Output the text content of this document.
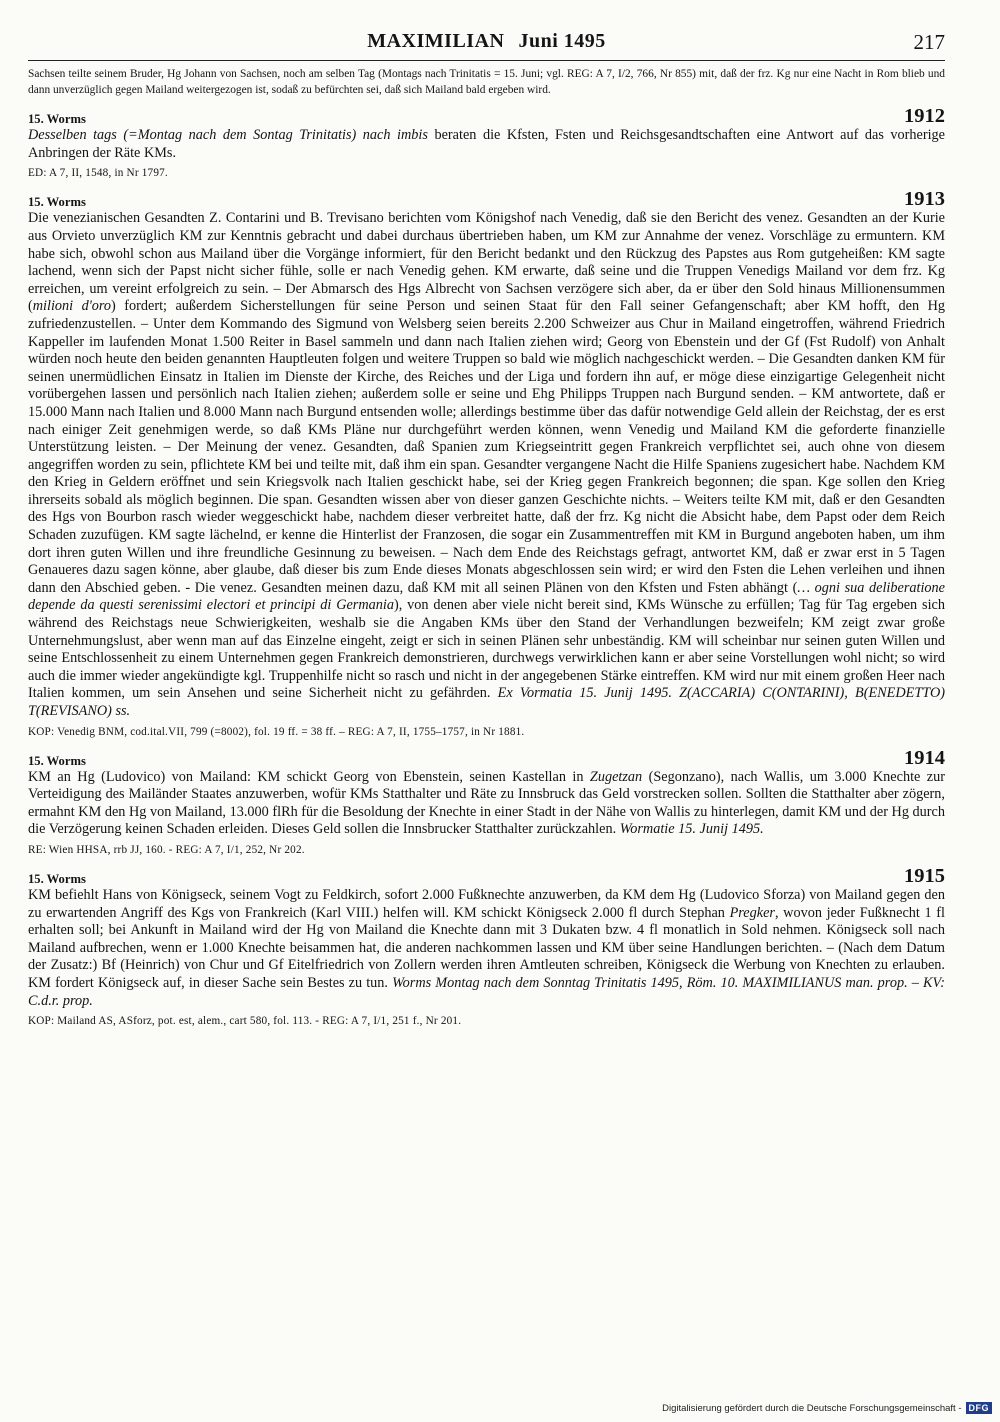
MAXIMILIAN Juni 1495	217
Sachsen teilte seinem Bruder, Hg Johann von Sachsen, noch am selben Tag (Montags nach Trinitatis = 15. Juni; vgl. REG: A 7, I/2, 766, Nr 855) mit, daß der frz. Kg nur eine Nacht in Rom blieb und dann unverzüglich gegen Mailand weitergezogen ist, sodaß zu befürchten sei, daß sich Mailand bald ergeben wird.
15. Worms	1912
Desselben tags (=Montag nach dem Sontag Trinitatis) nach imbis beraten die Kfsten, Fsten und Reichsgesandtschaften eine Antwort auf das vorherige Anbringen der Räte KMs.
ED: A 7, II, 1548, in Nr 1797.
15. Worms	1913
Die venezianischen Gesandten Z. Contarini und B. Trevisano berichten vom Königshof nach Venedig, daß sie den Bericht des venez. Gesandten an der Kurie aus Orvieto unverzüglich KM zur Kenntnis gebracht und dabei durchaus übertrieben haben, um KM zur Annahme der venez. Vorschläge zu ermuntern. KM habe sich, obwohl schon aus Mailand über die Vorgänge informiert, für den Bericht bedankt und den Rückzug des Papstes aus Rom gutgeheißen: KM sagte lachend, wenn sich der Papst nicht sicher fühle, solle er nach Venedig gehen. KM erwarte, daß seine und die Truppen Venedigs Mailand vor dem frz. Kg erreichen, um vereint erfolgreich zu sein. – Der Abmarsch des Hgs Albrecht von Sachsen verzögere sich aber, da er über den Sold hinaus Millionensummen (milioni d'oro) fordert; außerdem Sicherstellungen für seine Person und seinen Staat für den Fall seiner Gefangenschaft; aber KM hofft, den Hg zufriedenzustellen. – Unter dem Kommando des Sigmund von Welsberg seien bereits 2.200 Schweizer aus Chur in Mailand eingetroffen, während Friedrich Kappeller im laufenden Monat 1.500 Reiter in Basel sammeln und dann nach Italien ziehen wird; Georg von Ebenstein und der Gf (Fst Rudolf) von Anhalt würden noch heute den beiden genannten Hauptleuten folgen und weitere Truppen so bald wie möglich nachgeschickt werden. – Die Gesandten danken KM für seinen unermüdlichen Einsatz in Italien im Dienste der Kirche, des Reiches und der Liga und fordern ihn auf, er möge diese einzigartige Gelegenheit nicht vorübergehen lassen und persönlich nach Italien ziehen; außerdem solle er seine und Ehg Philipps Truppen nach Burgund senden. – KM antwortete, daß er 15.000 Mann nach Italien und 8.000 Mann nach Burgund entsenden wolle; allerdings bestimme über das dafür notwendige Geld allein der Reichstag, der es erst nach einiger Zeit genehmigen werde, so daß KMs Pläne nur durchgeführt werden können, wenn Venedig und Mailand KM die geforderte finanzielle Unterstützung leisten. – Der Meinung der venez. Gesandten, daß Spanien zum Kriegseintritt gegen Frankreich verpflichtet sei, auch ohne von diesem angegriffen worden zu sein, pflichtete KM bei und teilte mit, daß ihm ein span. Gesandter vergangene Nacht die Hilfe Spaniens zugesichert habe. Nachdem KM den Krieg in Geldern eröffnet und sein Kriegsvolk nach Italien geschickt habe, sei der Krieg gegen Frankreich begonnen; die span. Kge sollen den Krieg ihrerseits sobald als möglich beginnen. Die span. Gesandten wissen aber von dieser ganzen Geschichte nichts. – Weiters teilte KM mit, daß er den Gesandten des Hgs von Bourbon rasch wieder weggeschickt habe, nachdem dieser verbreitet hatte, daß der frz. Kg nicht die Absicht habe, dem Papst oder dem Reich Schaden zuzufügen. KM sagte lächelnd, er kenne die Hinterlist der Franzosen, die sogar ein Zusammentreffen mit KM in Burgund angeboten haben, um ihm dort ihren guten Willen und ihre freundliche Gesinnung zu beweisen. – Nach dem Ende des Reichstags gefragt, antwortet KM, daß er zwar erst in 5 Tagen Genaueres dazu sagen könne, aber glaube, daß dieser bis zum Ende dieses Monats abgeschlossen sein wird; er wird den Fsten die Lehen verleihen und ihnen dann den Abschied geben. - Die venez. Gesandten meinen dazu, daß KM mit all seinen Plänen von den Kfsten und Fsten abhängt (… ogni sua deliberatione depende da questi serenissimi electori et principi di Germania), von denen aber viele nicht bereit sind, KMs Wünsche zu erfüllen; Tag für Tag ergeben sich während des Reichstags neue Schwierigkeiten, weshalb sie die Angaben KMs über den Stand der Verhandlungen bezweifeln; KM zeigt zwar große Unternehmungslust, aber wenn man auf das Einzelne eingeht, zeigt er sich in seinen Plänen sehr unbeständig. KM will scheinbar nur seinen guten Willen und seine Entschlossenheit zu einem Unternehmen gegen Frankreich demonstrieren, durchwegs verwirklichen kann er aber seine Vorstellungen wohl nicht; so wird auch die immer wieder angekündigte kgl. Truppenhilfe nicht so rasch und nicht in der angegebenen Stärke eintreffen. KM wird nur mit einem großen Heer nach Italien kommen, um sein Ansehen und seine Sicherheit nicht zu gefährden. Ex Vormatia 15. Junij 1495. Z(ACCARIA) C(ONTARINI), B(ENEDETTO) T(REVISANO) ss.
KOP: Venedig BNM, cod.ital.VII, 799 (=8002), fol. 19 ff. = 38 ff. – REG: A 7, II, 1755–1757, in Nr 1881.
15. Worms	1914
KM an Hg (Ludovico) von Mailand: KM schickt Georg von Ebenstein, seinen Kastellan in Zugetzan (Segonzano), nach Wallis, um 3.000 Knechte zur Verteidigung des Mailänder Staates anzuwerben, wofür KMs Statthalter und Räte zu Innsbruck das Geld vorstrecken sollen. Sollten die Statthalter aber zögern, ermahnt KM den Hg von Mailand, 13.000 flRh für die Besoldung der Knechte in einer Stadt in der Nähe von Wallis zu hinterlegen, damit KM und der Hg durch die Verzögerung keinen Schaden erleiden. Dieses Geld sollen die Innsbrucker Statthalter zurückzahlen. Wormatie 15. Junij 1495.
RE: Wien HHSA, rrb JJ, 160. - REG: A 7, I/1, 252, Nr 202.
15. Worms	1915
KM befiehlt Hans von Königseck, seinem Vogt zu Feldkirch, sofort 2.000 Fußknechte anzuwerben, da KM dem Hg (Ludovico Sforza) von Mailand gegen den zu erwartenden Angriff des Kgs von Frankreich (Karl VIII.) helfen will. KM schickt Königseck 2.000 fl durch Stephan Pregker, wovon jeder Fußknecht 1 fl erhalten soll; bei Ankunft in Mailand wird der Hg von Mailand die Knechte dann mit 3 Dukaten bzw. 4 fl monatlich in Sold nehmen. Königseck soll nach Mailand aufbrechen, wenn er 1.000 Knechte beisammen hat, die anderen nachkommen lassen und KM über seine Handlungen berichten. – (Nach dem Datum der Zusatz:) Bf (Heinrich) von Chur und Gf Eitelfriedrich von Zollern werden ihren Amtleuten schreiben, Königseck die Werbung von Knechten zu erlauben. KM fordert Königseck auf, in dieser Sache sein Bestes zu tun. Worms Montag nach dem Sonntag Trinitatis 1495, Röm. 10. MAXIMILIANUS man. prop. – KV: C.d.r. prop.
KOP: Mailand AS, ASforz, pot. est, alem., cart 580, fol. 113. - REG: A 7, I/1, 251 f., Nr 201.
Digitalisierung gefördert durch die Deutsche Forschungsgemeinschaft - DFG
